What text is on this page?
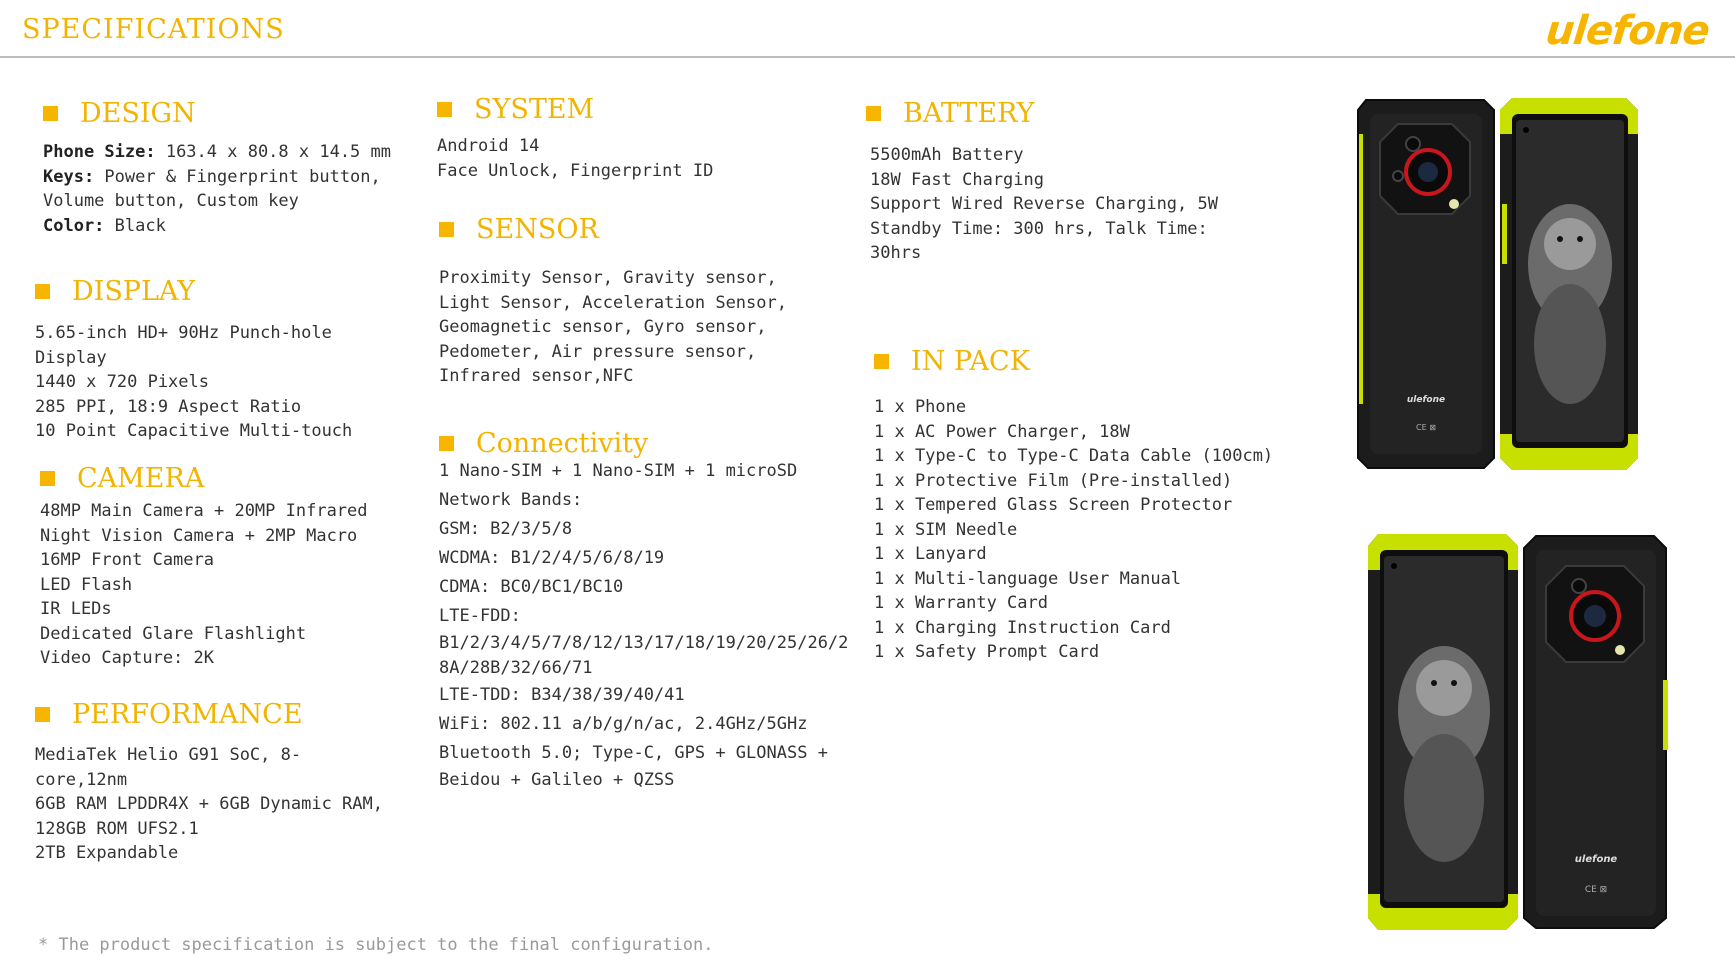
SPECIFICATIONS	ulefone
DESIGN
Phone Size: 163.4 x 80.8 x 14.5 mm
Keys: Power & Fingerprint button,
Volume button, Custom key
Color: Black
DISPLAY
5.65-inch HD+ 90Hz Punch-hole
Display
1440 x 720 Pixels
285 PPI, 18:9 Aspect Ratio
10 Point Capacitive Multi-touch
CAMERA
48MP Main Camera + 20MP Infrared
Night Vision Camera + 2MP Macro
16MP Front Camera
LED Flash
IR LEDs
Dedicated Glare Flashlight
Video Capture: 2K
PERFORMANCE
MediaTek Helio G91 SoC, 8-
core,12nm
6GB RAM LPDDR4X + 6GB Dynamic RAM,
128GB ROM UFS2.1
2TB Expandable
SYSTEM
Android 14
Face Unlock, Fingerprint ID
SENSOR
Proximity Sensor, Gravity sensor,
Light Sensor, Acceleration Sensor,
Geomagnetic sensor, Gyro sensor,
Pedometer, Air pressure sensor,
Infrared sensor,NFC
Connectivity
1 Nano-SIM + 1 Nano-SIM + 1 microSD
Network Bands:
GSM: B2/3/5/8
WCDMA: B1/2/4/5/6/8/19
CDMA: BC0/BC1/BC10
LTE-FDD:
B1/2/3/4/5/7/8/12/13/17/18/19/20/25/26/2
8A/28B/32/66/71
LTE-TDD: B34/38/39/40/41
WiFi: 802.11 a/b/g/n/ac, 2.4GHz/5GHz
Bluetooth 5.0; Type-C, GPS + GLONASS +
Beidou + Galileo + QZSS
BATTERY
5500mAh Battery
18W Fast Charging
Support Wired Reverse Charging, 5W
Standby Time: 300 hrs, Talk Time:
30hrs
IN PACK
1 x Phone
1 x AC Power Charger, 18W
1 x Type-C to Type-C Data Cable (100cm)
1 x Protective Film (Pre-installed)
1 x Tempered Glass Screen Protector
1 x SIM Needle
1 x Lanyard
1 x Multi-language User Manual
1 x Warranty Card
1 x Charging Instruction Card
1 x Safety Prompt Card
* The product specification is subject to the final configuration.
ulefone
CE ⊠
ulefone
CE ⊠
